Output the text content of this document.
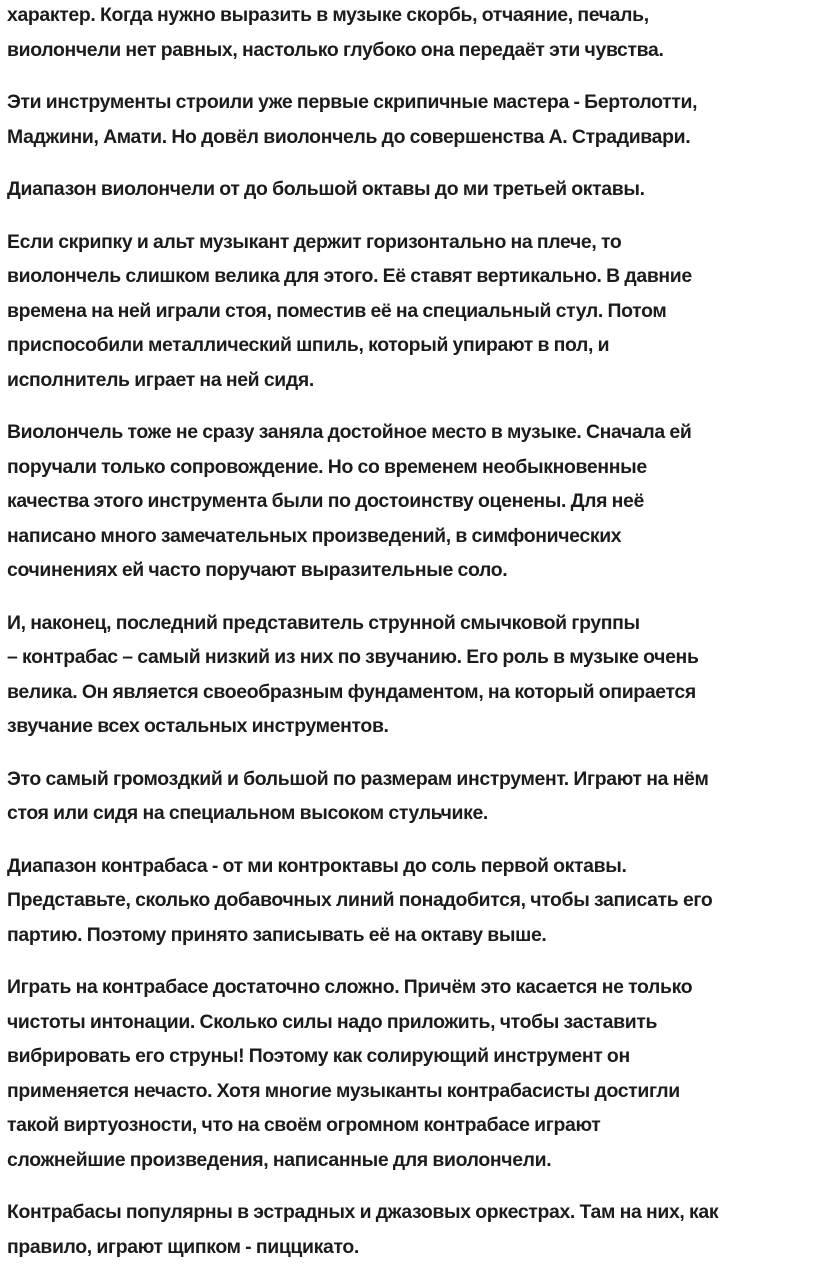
характер. Когда нужно выразить в музыке скорбь, отчаяние, печаль,
виолончели нет равных, настолько глубоко она передаёт эти чувства.
Эти инструменты строили уже первые скрипичные мастера - Бертолотти,
Маджини, Амати. Но довёл виолончель до совершенства А. Страдивари.
Диапазон виолончели от до большой октавы до ми третьей октавы.
Если скрипку и альт музыкант держит горизонтально на плече, то
виолончель слишком велика для этого. Её ставят вертикально. В давние
времена на ней играли стоя, поместив её на специальный стул. Потом
приспособили металлический шпиль, который упирают в пол, и
исполнитель играет на ней сидя.
Виолончель тоже не сразу заняла достойное место в музыке. Сначала ей
поручали только сопровождение. Но со временем необыкновенные
качества этого инструмента были по достоинству оценены. Для неё
написано много замечательных произведений, в симфонических
сочинениях ей часто поручают выразительные соло.
И, наконец, последний представитель струнной смычковой группы
– контрабас – самый низкий из них по звучанию. Его роль в музыке очень
велика. Он является своеобразным фундаментом, на который опирается
звучание всех остальных инструментов.
Это самый громоздкий и большой по размерам инструмент. Играют на нём
стоя или сидя на специальном высоком стульчике.
Диапазон контрабаса - от ми контроктавы до соль первой октавы.
Представьте, сколько добавочных линий понадобится, чтобы записать его
партию. Поэтому принято записывать её на октаву выше.
Играть на контрабасе достаточно сложно. Причём это касается не только
чистоты интонации. Сколько силы надо приложить, чтобы заставить
вибрировать его струны! Поэтому как солирующий инструмент он
применяется нечасто. Хотя многие музыканты контрабасисты достигли
такой виртуозности, что на своём огромном контрабасе играют
сложнейшие произведения, написанные для виолончели.
Контрабасы популярны в эстрадных и джазовых оркестрах. Там на них, как
правило, играют щипком - пиццикато.
